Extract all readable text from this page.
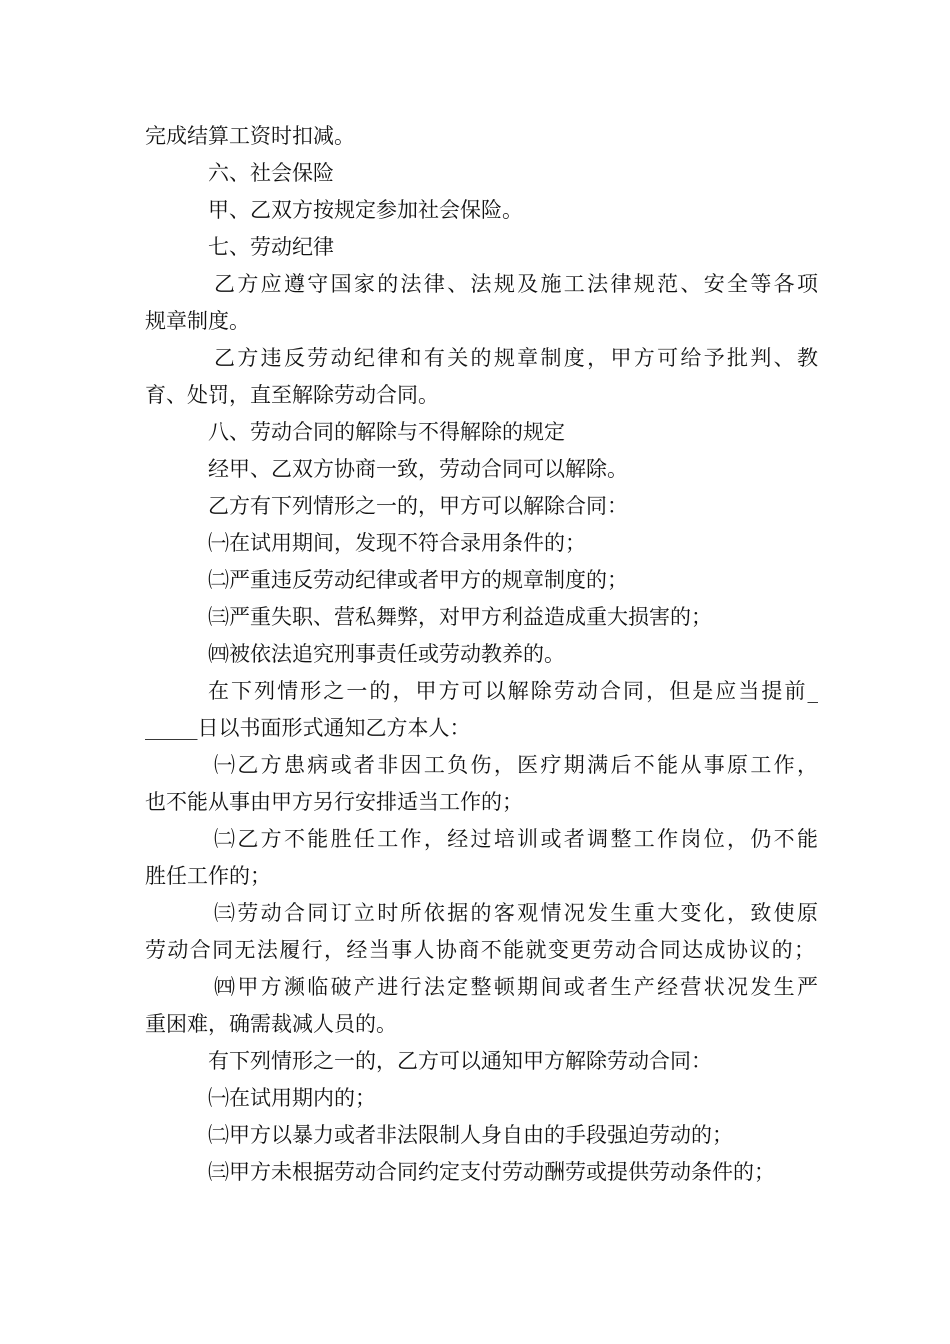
完成结算工资时扣减。
六、社会保险
甲、乙双方按规定参加社会保险。
七、劳动纪律
乙方应遵守国家的法律、法规及施工法律规范、安全等各项
规章制度。
乙方违反劳动纪律和有关的规章制度，甲方可给予批判、教
育、处罚，直至解除劳动合同。
八、劳动合同的解除与不得解除的规定
经甲、乙双方协商一致，劳动合同可以解除。
乙方有下列情形之一的，甲方可以解除合同：
㈠在试用期间，发现不符合录用条件的；
㈡严重违反劳动纪律或者甲方的规章制度的；
㈢严重失职、营私舞弊，对甲方利益造成重大损害的；
㈣被依法追究刑事责任或劳动教养的。
在下列情形之一的，甲方可以解除劳动合同，但是应当提前_
_____日以书面形式通知乙方本人：
㈠乙方患病或者非因工负伤，医疗期满后不能从事原工作，
也不能从事由甲方另行安排适当工作的；
㈡乙方不能胜任工作，经过培训或者调整工作岗位，仍不能
胜任工作的；
㈢劳动合同订立时所依据的客观情况发生重大变化，致使原
劳动合同无法履行，经当事人协商不能就变更劳动合同达成协议的；
㈣甲方濒临破产进行法定整顿期间或者生产经营状况发生严
重困难，确需裁减人员的。
有下列情形之一的，乙方可以通知甲方解除劳动合同：
㈠在试用期内的；
㈡甲方以暴力或者非法限制人身自由的手段强迫劳动的；
㈢甲方未根据劳动合同约定支付劳动酬劳或提供劳动条件的；
